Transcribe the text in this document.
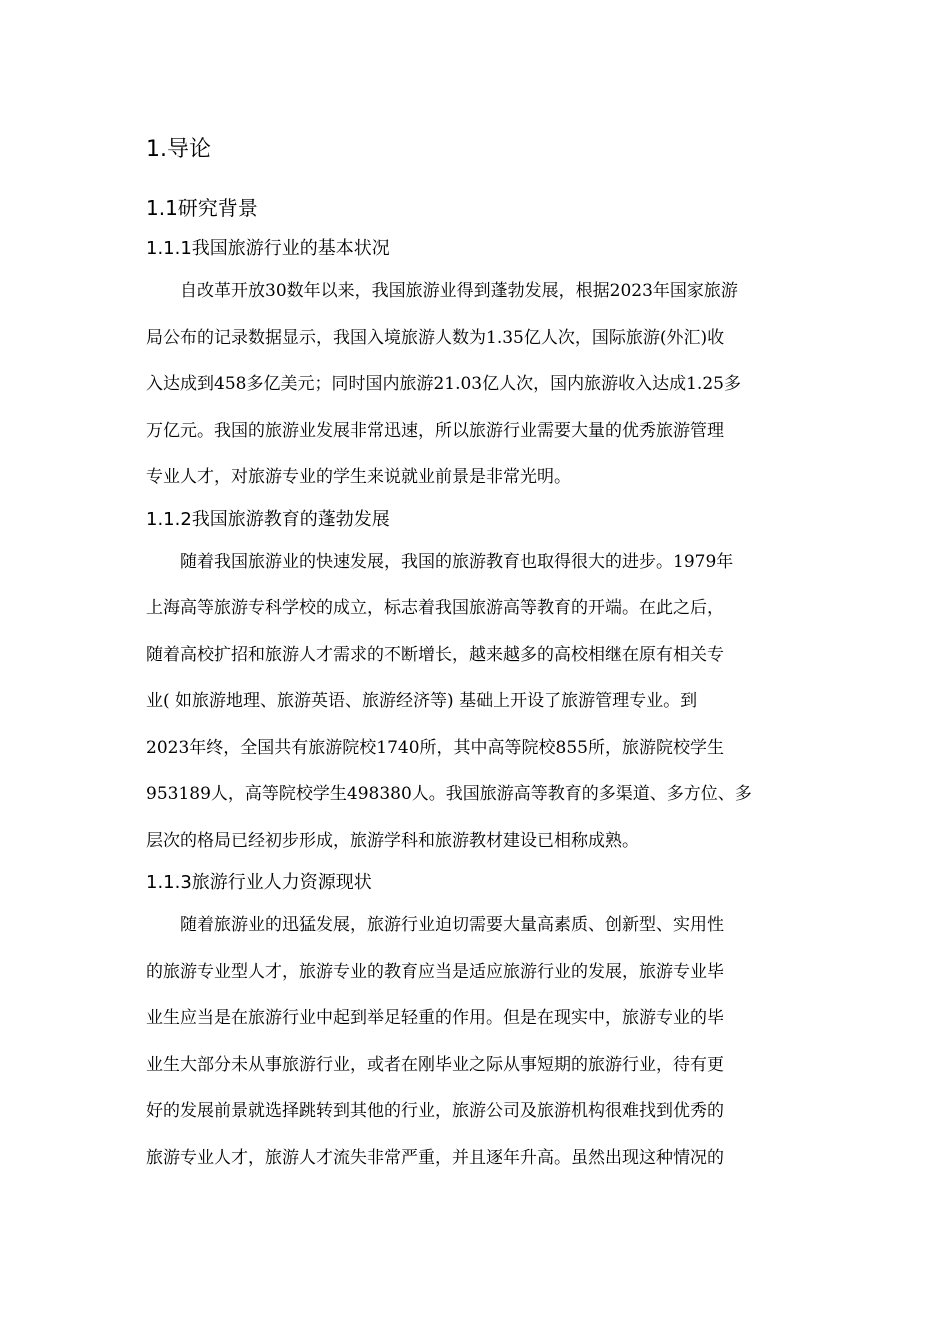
1.导论
1.1研究背景
1.1.1我国旅游行业的基本状况
自改革开放30数年以来，我国旅游业得到蓬勃发展，根据2023年国家旅游
局公布的记录数据显示，我国入境旅游人数为1.35亿人次，国际旅游(外汇)收
入达成到458多亿美元；同时国内旅游21.03亿人次，国内旅游收入达成1.25多
万亿元。我国的旅游业发展非常迅速，所以旅游行业需要大量的优秀旅游管理
专业人才，对旅游专业的学生来说就业前景是非常光明。
1.1.2我国旅游教育的蓬勃发展
随着我国旅游业的快速发展，我国的旅游教育也取得很大的进步。1979年
上海高等旅游专科学校的成立，标志着我国旅游高等教育的开端。在此之后，
随着高校扩招和旅游人才需求的不断增长，越来越多的高校相继在原有相关专
业( 如旅游地理、旅游英语、旅游经济等) 基础上开设了旅游管理专业。到
2023年终，全国共有旅游院校1740所，其中高等院校855所，旅游院校学生
953189人，高等院校学生498380人。我国旅游高等教育的多渠道、多方位、多
层次的格局已经初步形成，旅游学科和旅游教材建设已相称成熟。
1.1.3旅游行业人力资源现状
随着旅游业的迅猛发展，旅游行业迫切需要大量高素质、创新型、实用性
的旅游专业型人才，旅游专业的教育应当是适应旅游行业的发展，旅游专业毕
业生应当是在旅游行业中起到举足轻重的作用。但是在现实中，旅游专业的毕
业生大部分未从事旅游行业，或者在刚毕业之际从事短期的旅游行业，待有更
好的发展前景就选择跳转到其他的行业，旅游公司及旅游机构很难找到优秀的
旅游专业人才，旅游人才流失非常严重，并且逐年升高。虽然出现这种情况的
